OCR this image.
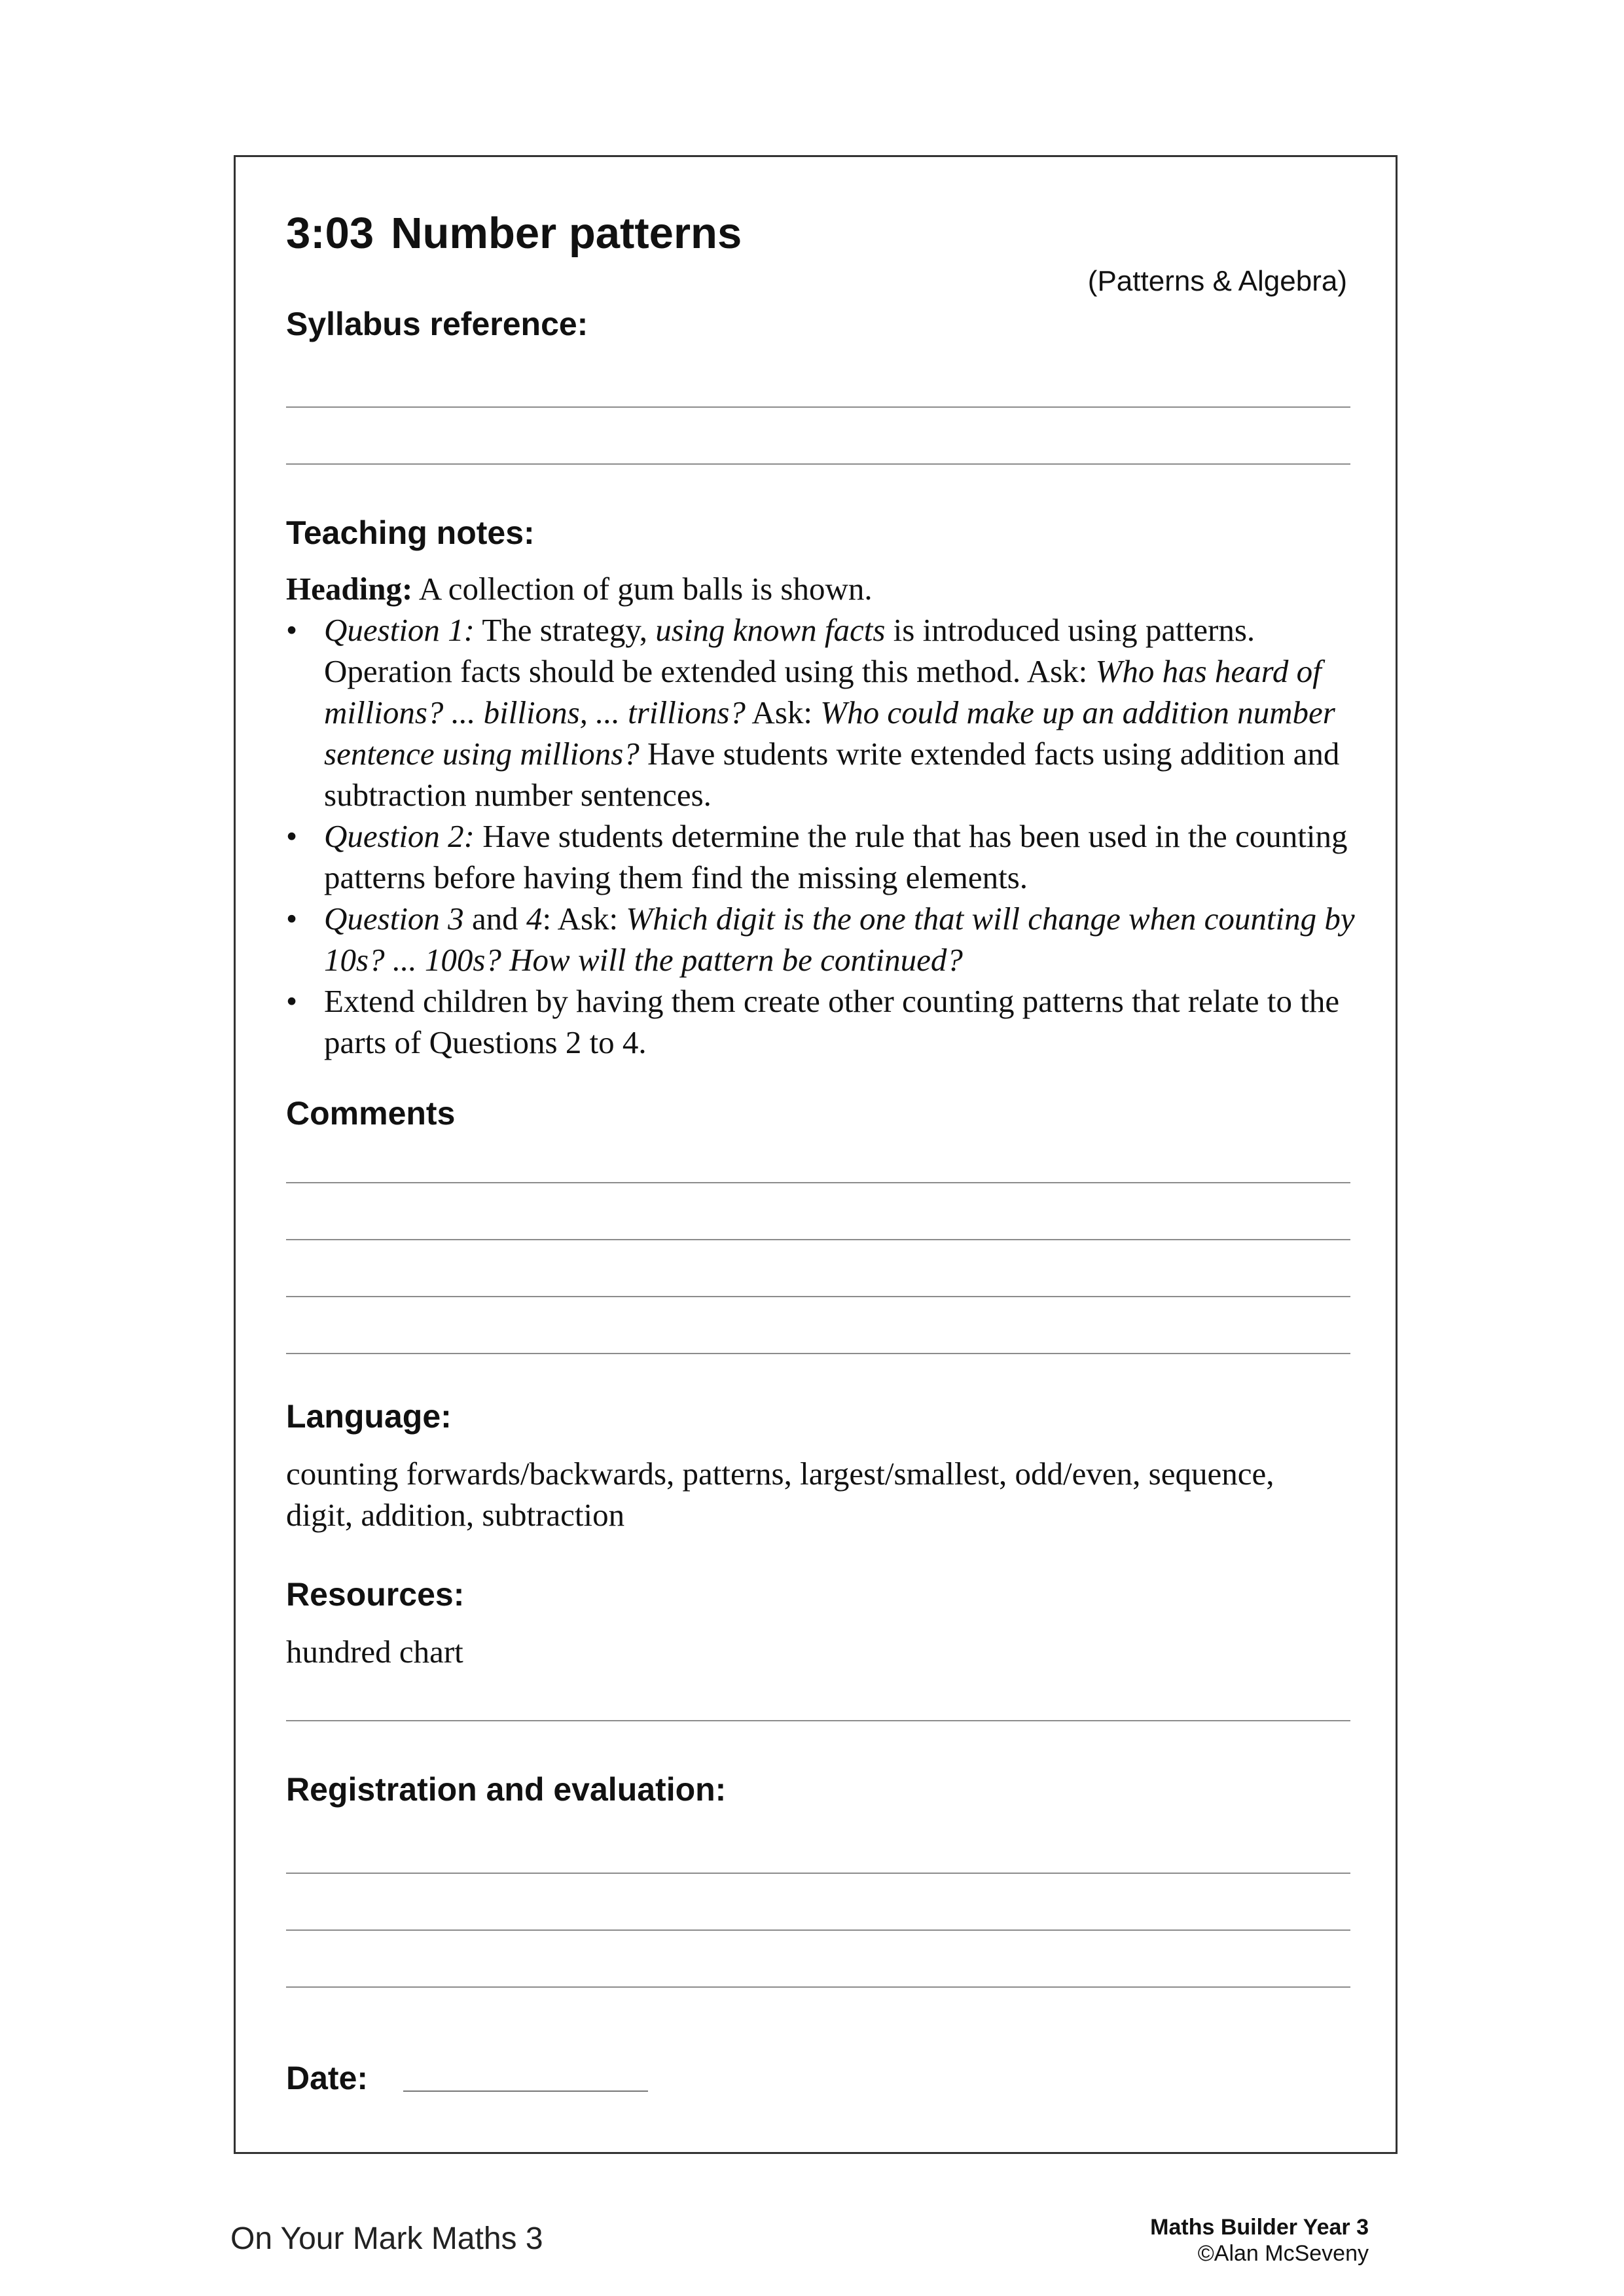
3:03 Number patterns
(Patterns & Algebra)
Syllabus reference:
Teaching notes:

Heading: A collection of gum balls is shown.

• Question 1: The strategy, using known facts is introduced using patterns. Operation facts should be extended using this method. Ask: Who has heard of millions? ... billions, ... trillions? Ask: Who could make up an addition number sentence using millions? Have students write extended facts using addition and subtraction number sentences.
• Question 2: Have students determine the rule that has been used in the counting patterns before having them find the missing elements.
• Question 3 and 4: Ask: Which digit is the one that will change when counting by 10s? ... 100s? How will the pattern be continued?
• Extend children by having them create other counting patterns that relate to the parts of Questions 2 to 4.
Comments
Language:
counting forwards/backwards, patterns, largest/smallest, odd/even, sequence, digit, addition, subtraction
Resources:
hundred chart
Registration and evaluation:
Date:
On Your Mark Maths 3	Maths Builder Year 3
©Alan McSeveny
